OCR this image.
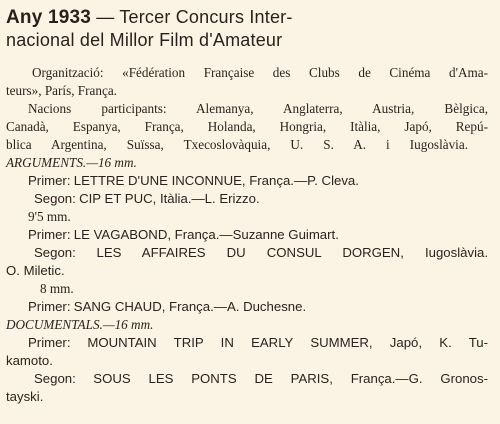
Any 1933 — Tercer Concurs Inter-
nacional del Millor Film d'Amateur
Organització: «Fédération Française des Clubs de Cinéma d'Ama-
teurs», París, França.
Nacions participants: Alemanya, Anglaterra, Austria, Bèlgica,
Canadà, Espanya, França, Holanda, Hongria, Itàlia, Japó, Repú-
blica Argentina, Suïssa, Txecoslovàquia, U. S. A. i Iugoslàvia.
ARGUMENTS.—16 mm.
Primer: LETTRE D'UNE INCONNUE, França.—P. Cleva.
Segon: CIP ET PUC, Itàlia.—L. Erizzo.
9'5 mm.
Primer: LE VAGABOND, França.—Suzanne Guimart.
Segon: LES AFFAIRES DU CONSUL DORGEN, Iugoslàvia.
O. Miletic.
8 mm.
Primer: SANG CHAUD, França.—A. Duchesne.
DOCUMENTALS.—16 mm.
Primer: MOUNTAIN TRIP IN EARLY SUMMER, Japó, K. Tu-
kamoto.
Segon: SOUS LES PONTS DE PARIS, França.—G. Gronos-
tayski.
